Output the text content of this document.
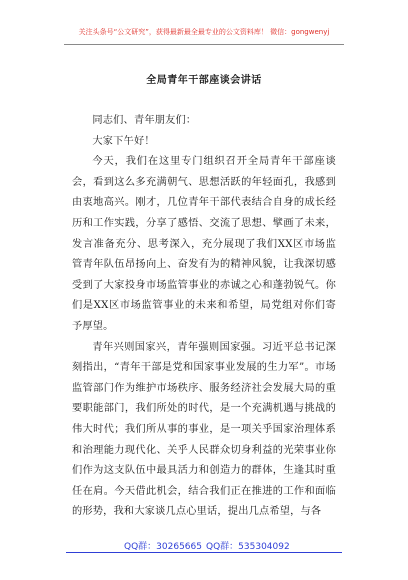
关注头条号“公文研究”，获得最新最全最专业的公文资料库！ 微信：gongwenyj
全局青年干部座谈会讲话

同志们、青年朋友们：

大家下午好！

今天，我们在这里专门组织召开全局青年干部座谈会，看到这么多充满朝气、思想活跃的年轻面孔，我感到由衷地高兴。刚才，几位青年干部代表结合自身的成长经历和工作实践，分享了感悟、交流了思想、擘画了未来，发言准备充分、思考深入，充分展现了我们XX区市场监管青年队伍昂扬向上、奋发有为的精神风貌，让我深切感受到了大家投身市场监管事业的赤诚之心和蓬勃锐气。你们是XX区市场监管事业的未来和希望，局党组对你们寄予厚望。

青年兴则国家兴，青年强则国家强。习近平总书记深刻指出，“青年干部是党和国家事业发展的生力军”。市场监管部门作为维护市场秩序、服务经济社会发展大局的重要职能部门，我们所处的时代，是一个充满机遇与挑战的伟大时代；我们所从事的事业，是一项关乎国家治理体系和治理能力现代化、关乎人民群众切身利益的光荣事业你们作为这支队伍中最具活力和创造力的群体，生逢其时重任在肩。今天借此机会，结合我们正在推进的工作和面临的形势，我和大家谈几点心里话，提出几点希望，与各

QQ群：30265665 QQ群：535304092
